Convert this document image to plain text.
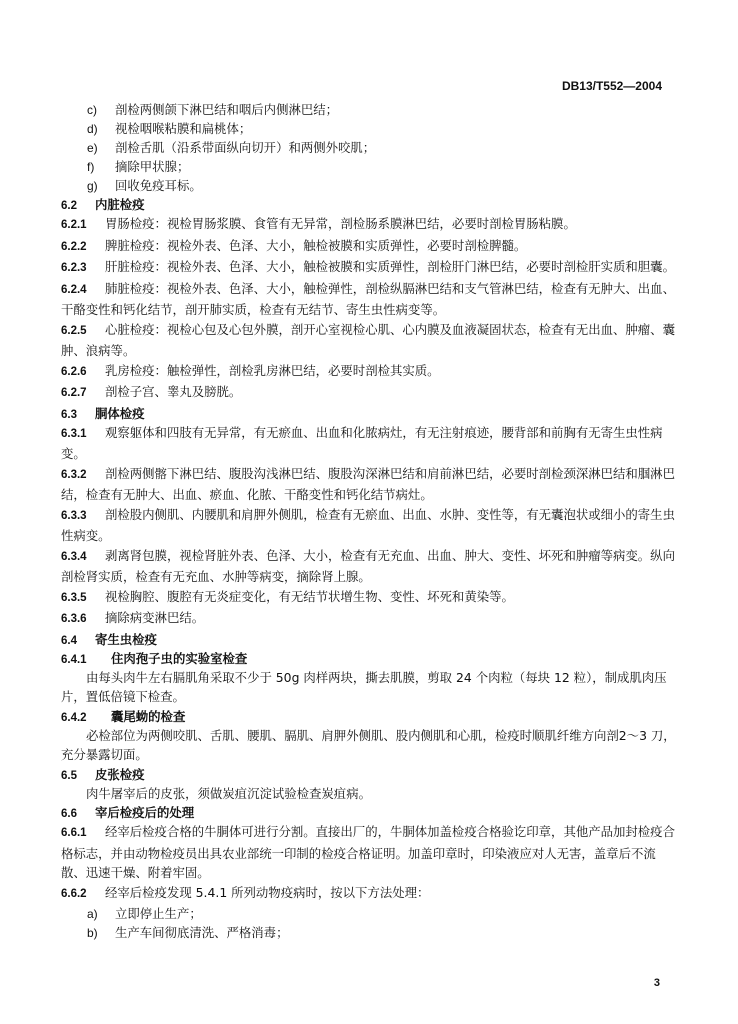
DB13/T552—2004
c) 剖检两侧颌下淋巴结和咽后内侧淋巴结；
d) 视检咽喉粘膜和扁桃体；
e) 剖检舌肌（沿系带面纵向切开）和两侧外咬肌；
f) 摘除甲状腺；
g) 回收免疫耳标。
6.2 内脏检疫
6.2.1 胃肠检疫：视检胃肠浆膜、食管有无异常，剖检肠系膜淋巴结，必要时剖检胃肠粘膜。
6.2.2 脾脏检疫：视检外表、色泽、大小，触检被膜和实质弹性，必要时剖检脾髓。
6.2.3 肝脏检疫：视检外表、色泽、大小，触检被膜和实质弹性，剖检肝门淋巴结，必要时剖检肝实质和胆囊。
6.2.4 肺脏检疫：视检外表、色泽、大小，触检弹性，剖检纵膈淋巴结和支气管淋巴结，检查有无肿大、出血、干酪变性和钙化结节，剖开肺实质，检查有无结节、寄生虫性病变等。
6.2.5 心脏检疫：视检心包及心包外膜，剖开心室视检心肌、心内膜及血液凝固状态，检查有无出血、肿瘤、囊肿、浪病等。
6.2.6 乳房检疫：触检弹性，剖检乳房淋巴结，必要时剖检其实质。
6.2.7 剖检子宫、睾丸及膀胱。
6.3 胴体检疫
6.3.1 观察躯体和四肢有无异常，有无瘀血、出血和化脓病灶，有无注射痕迹，腰背部和前胸有无寄生虫性病变。
6.3.2 剖检两侧髂下淋巴结、腹股沟浅淋巴结、腹股沟深淋巴结和肩前淋巴结，必要时剖检颈深淋巴结和腘淋巴结，检查有无肿大、出血、瘀血、化脓、干酪变性和钙化结节病灶。
6.3.3 剖检股内侧肌、内腰肌和肩胛外侧肌，检查有无瘀血、出血、水肿、变性等，有无囊泡状或细小的寄生虫性病变。
6.3.4 剥离肾包膜，视检肾脏外表、色泽、大小，检查有无充血、出血、肿大、变性、坏死和肿瘤等病变。纵向剖检肾实质，检查有无充血、水肿等病变，摘除肾上腺。
6.3.5 视检胸腔、腹腔有无炎症变化，有无结节状增生物、变性、坏死和黄染等。
6.3.6 摘除病变淋巴结。
6.4 寄生虫检疫
6.4.1 住肉孢子虫的实验室检查
由每头肉牛左右膈肌角采取不少于 50g 肉样两块，撕去肌膜，剪取 24 个肉粒（每块 12 粒），制成肌肉压片，置低倍镜下检查。
6.4.2 囊尾蚴的检查
必检部位为两侧咬肌、舌肌、腰肌、膈肌、肩胛外侧肌、股内侧肌和心肌，检疫时顺肌纤维方向剖2～3 刀，充分暴露切面。
6.5 皮张检疫
肉牛屠宰后的皮张，须做炭疽沉淀试验检查炭疽病。
6.6 宰后检疫后的处理
6.6.1 经宰后检疫合格的牛胴体可进行分割。直接出厂的，牛胴体加盖检疫合格验讫印章，其他产品加封检疫合格标志，并由动物检疫员出具农业部统一印制的检疫合格证明。加盖印章时，印染液应对人无害，盖章后不流散、迅速干燥、附着牢固。
6.6.2 经宰后检疫发现 5.4.1 所列动物疫病时，按以下方法处理：
a) 立即停止生产；
b) 生产车间彻底清洗、严格消毒；
3
